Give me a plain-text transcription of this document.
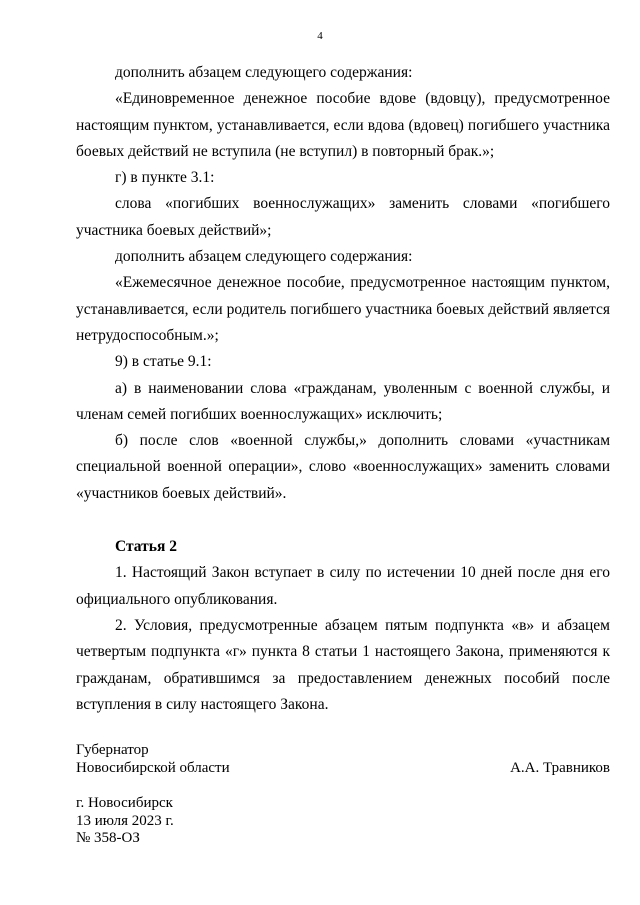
4

дополнить абзацем следующего содержания:

«Единовременное денежное пособие вдове (вдовцу), предусмотренное настоящим пунктом, устанавливается, если вдова (вдовец) погибшего участника боевых действий не вступила (не вступил) в повторный брак.»;

г) в пункте 3.1:

слова «погибших военнослужащих» заменить словами «погибшего участника боевых действий»;

дополнить абзацем следующего содержания:

«Ежемесячное денежное пособие, предусмотренное настоящим пунктом, устанавливается, если родитель погибшего участника боевых действий является нетрудоспособным.»;

9) в статье 9.1:

а) в наименовании слова «гражданам, уволенным с военной службы, и членам семей погибших военнослужащих» исключить;

б) после слов «военной службы,» дополнить словами «участникам специальной военной операции», слово «военнослужащих» заменить словами «участников боевых действий».

Статья 2

1. Настоящий Закон вступает в силу по истечении 10 дней после дня его официального опубликования.

2. Условия, предусмотренные абзацем пятым подпункта «в» и абзацем четвертым подпункта «г» пункта 8 статьи 1 настоящего Закона, применяются к гражданам, обратившимся за предоставлением денежных пособий после вступления в силу настоящего Закона.

Губернатор
Новосибирской области	А.А. Травников
г. Новосибирск
13 июля 2023 г.
№ 358-ОЗ
